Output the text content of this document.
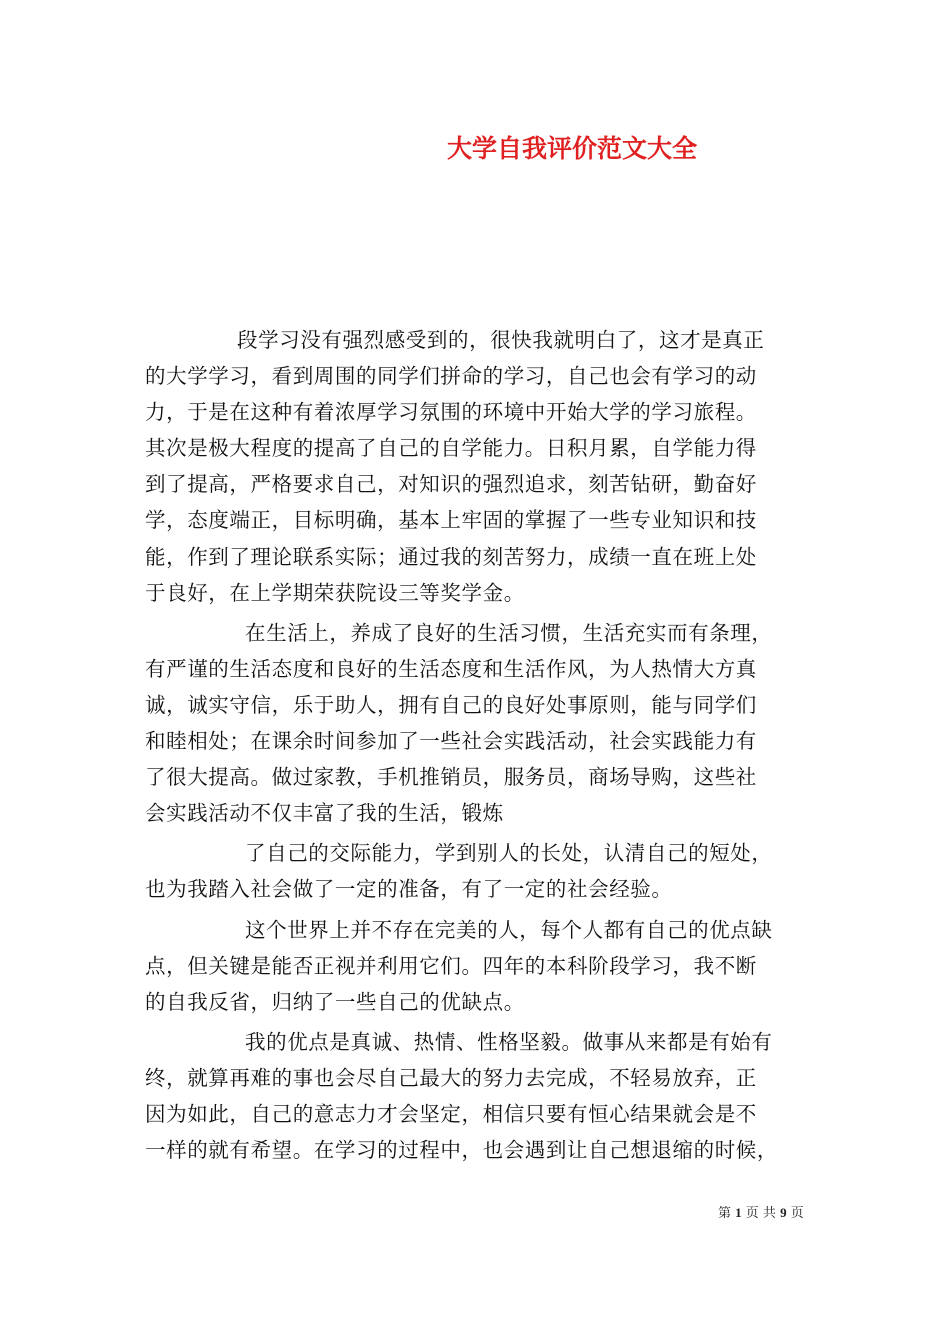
大学自我评价范文大全
段学习没有强烈感受到的，很快我就明白了，这才是真正
的大学学习，看到周围的同学们拼命的学习，自己也会有学习的动
力，于是在这种有着浓厚学习氛围的环境中开始大学的学习旅程。
其次是极大程度的提高了自己的自学能力。日积月累，自学能力得
到了提高，严格要求自己，对知识的强烈追求，刻苦钻研，勤奋好
学，态度端正，目标明确，基本上牢固的掌握了一些专业知识和技
能，作到了理论联系实际；通过我的刻苦努力，成绩一直在班上处
于良好，在上学期荣获院设三等奖学金。
在生活上，养成了良好的生活习惯，生活充实而有条理，
有严谨的生活态度和良好的生活态度和生活作风，为人热情大方真
诚，诚实守信，乐于助人，拥有自己的良好处事原则，能与同学们
和睦相处；在课余时间参加了一些社会实践活动，社会实践能力有
了很大提高。做过家教，手机推销员，服务员，商场导购，这些社
会实践活动不仅丰富了我的生活，锻炼
了自己的交际能力，学到别人的长处，认清自己的短处，
也为我踏入社会做了一定的准备，有了一定的社会经验。
这个世界上并不存在完美的人，每个人都有自己的优点缺
点，但关键是能否正视并利用它们。四年的本科阶段学习，我不断
的自我反省，归纳了一些自己的优缺点。
我的优点是真诚、热情、性格坚毅。做事从来都是有始有
终，就算再难的事也会尽自己最大的努力去完成，不轻易放弃，正
因为如此，自己的意志力才会坚定，相信只要有恒心结果就会是不
一样的就有希望。在学习的过程中，也会遇到让自己想退缩的时候，
第 1 页 共 9 页
